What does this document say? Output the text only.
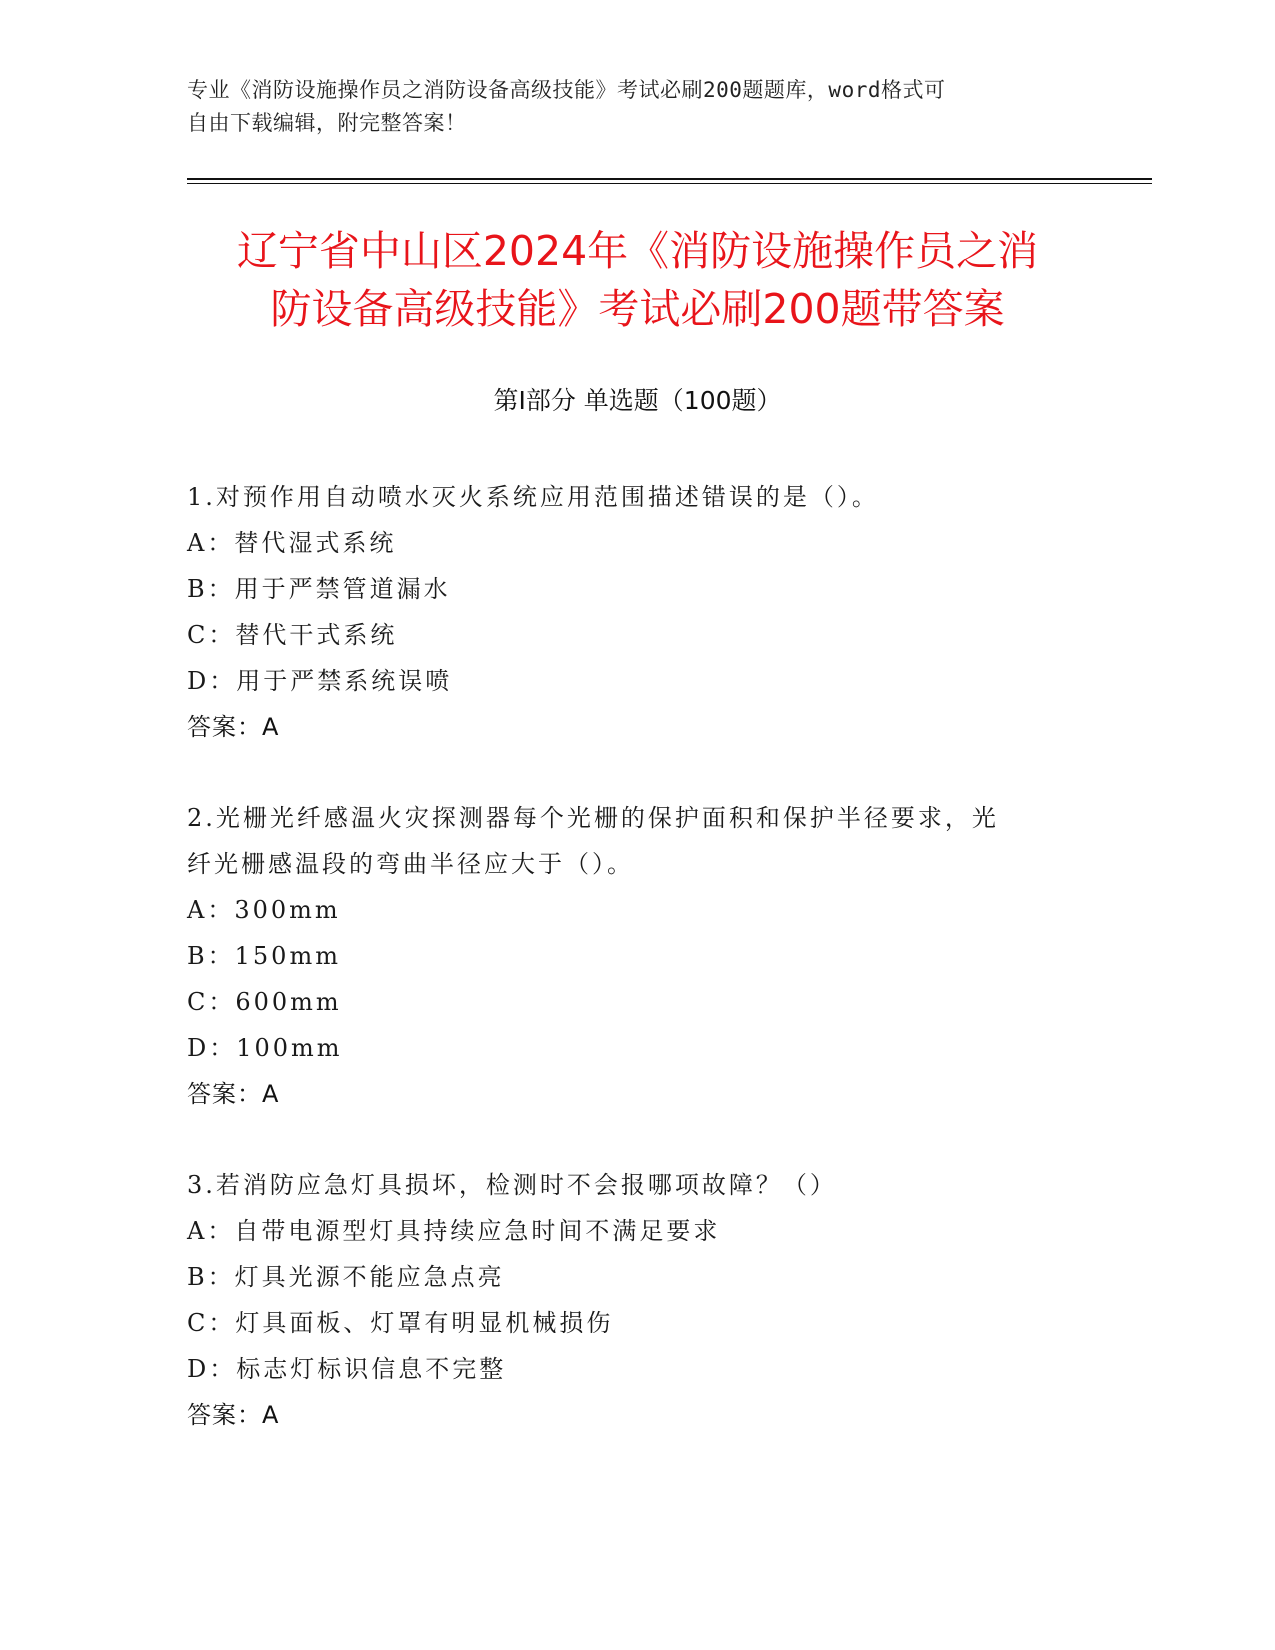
专业《消防设施操作员之消防设备高级技能》考试必刷200题题库，word格式可
自由下载编辑，附完整答案！
辽宁省中山区2024年《消防设施操作员之消
防设备高级技能》考试必刷200题带答案
第Ⅰ部分 单选题（100题）
1.对预作用自动喷水灭火系统应用范围描述错误的是（）。
A：替代湿式系统
B：用于严禁管道漏水
C：替代干式系统
D：用于严禁系统误喷
答案：A
2.光栅光纤感温火灾探测器每个光栅的保护面积和保护半径要求，光
纤光栅感温段的弯曲半径应大于（）。
A：300mm
B：150mm
C：600mm
D：100mm
答案：A
3.若消防应急灯具损坏，检测时不会报哪项故障？（）
A：自带电源型灯具持续应急时间不满足要求
B：灯具光源不能应急点亮
C：灯具面板、灯罩有明显机械损伤
D：标志灯标识信息不完整
答案：A
